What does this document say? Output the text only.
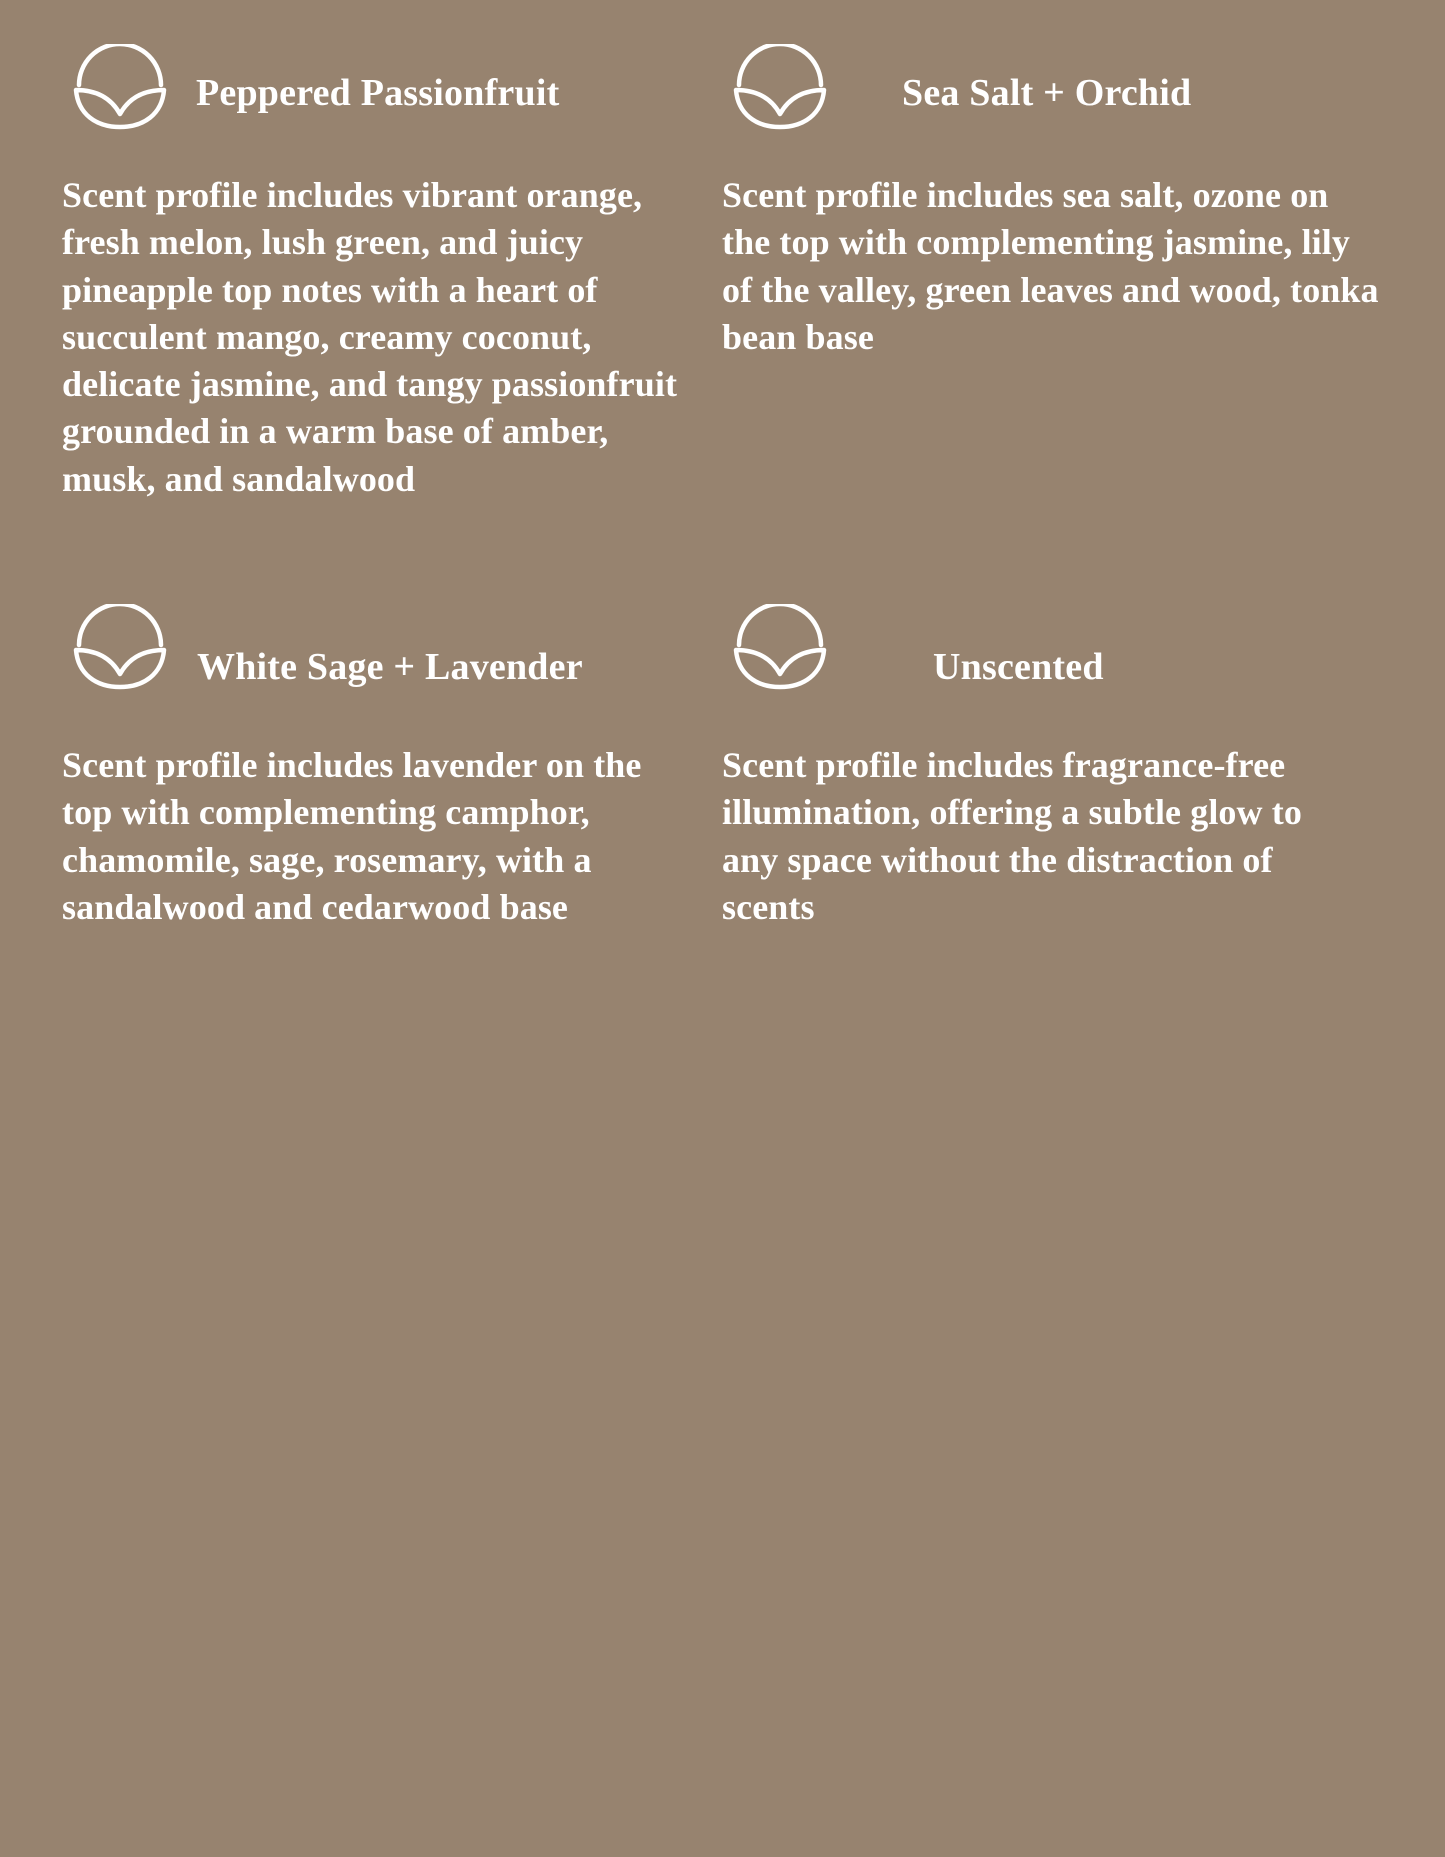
Peppered Passionfruit

Scent profile includes vibrant orange, fresh melon, lush green, and juicy pineapple top notes with a heart of succulent mango, creamy coconut, delicate jasmine, and tangy passionfruit grounded in a warm base of amber, musk, and sandalwood

Sea Salt + Orchid

Scent profile includes sea salt, ozone on the top with complementing jasmine, lily of the valley, green leaves and wood, tonka bean base

White Sage + Lavender

Scent profile includes lavender on the top with complementing camphor, chamomile, sage, rosemary, with a sandalwood and cedarwood base

Unscented

Scent profile includes fragrance-free illumination, offering a subtle glow to any space without the distraction of scents
